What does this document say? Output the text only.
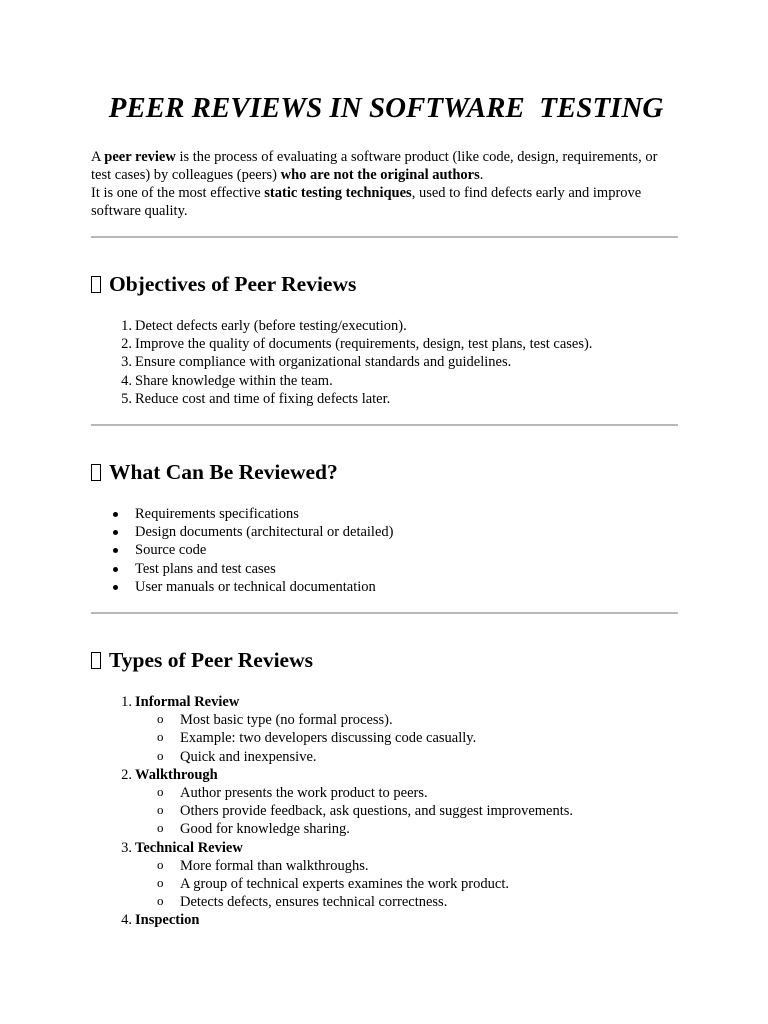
PEER REVIEWS IN SOFTWARE  TESTING

A peer review is the process of evaluating a software product (like code, design, requirements, or test cases) by colleagues (peers) who are not the original authors.

It is one of the most effective static testing techniques, used to find defects early and improve software quality.

Objectives of Peer Reviews
1. Detect defects early (before testing/execution).
2. Improve the quality of documents (requirements, design, test plans, test cases).
3. Ensure compliance with organizational standards and guidelines.
4. Share knowledge within the team.
5. Reduce cost and time of fixing defects later.
What Can Be Reviewed?
Requirements specifications
Design documents (architectural or detailed)
Source code
Test plans and test cases
User manuals or technical documentation
Types of Peer Reviews
1. Informal Review
o Most basic type (no formal process).
o Example: two developers discussing code casually.
o Quick and inexpensive.
2. Walkthrough
o Author presents the work product to peers.
o Others provide feedback, ask questions, and suggest improvements.
o Good for knowledge sharing.
3. Technical Review
o More formal than walkthroughs.
o A group of technical experts examines the work product.
o Detects defects, ensures technical correctness.
4. Inspection
